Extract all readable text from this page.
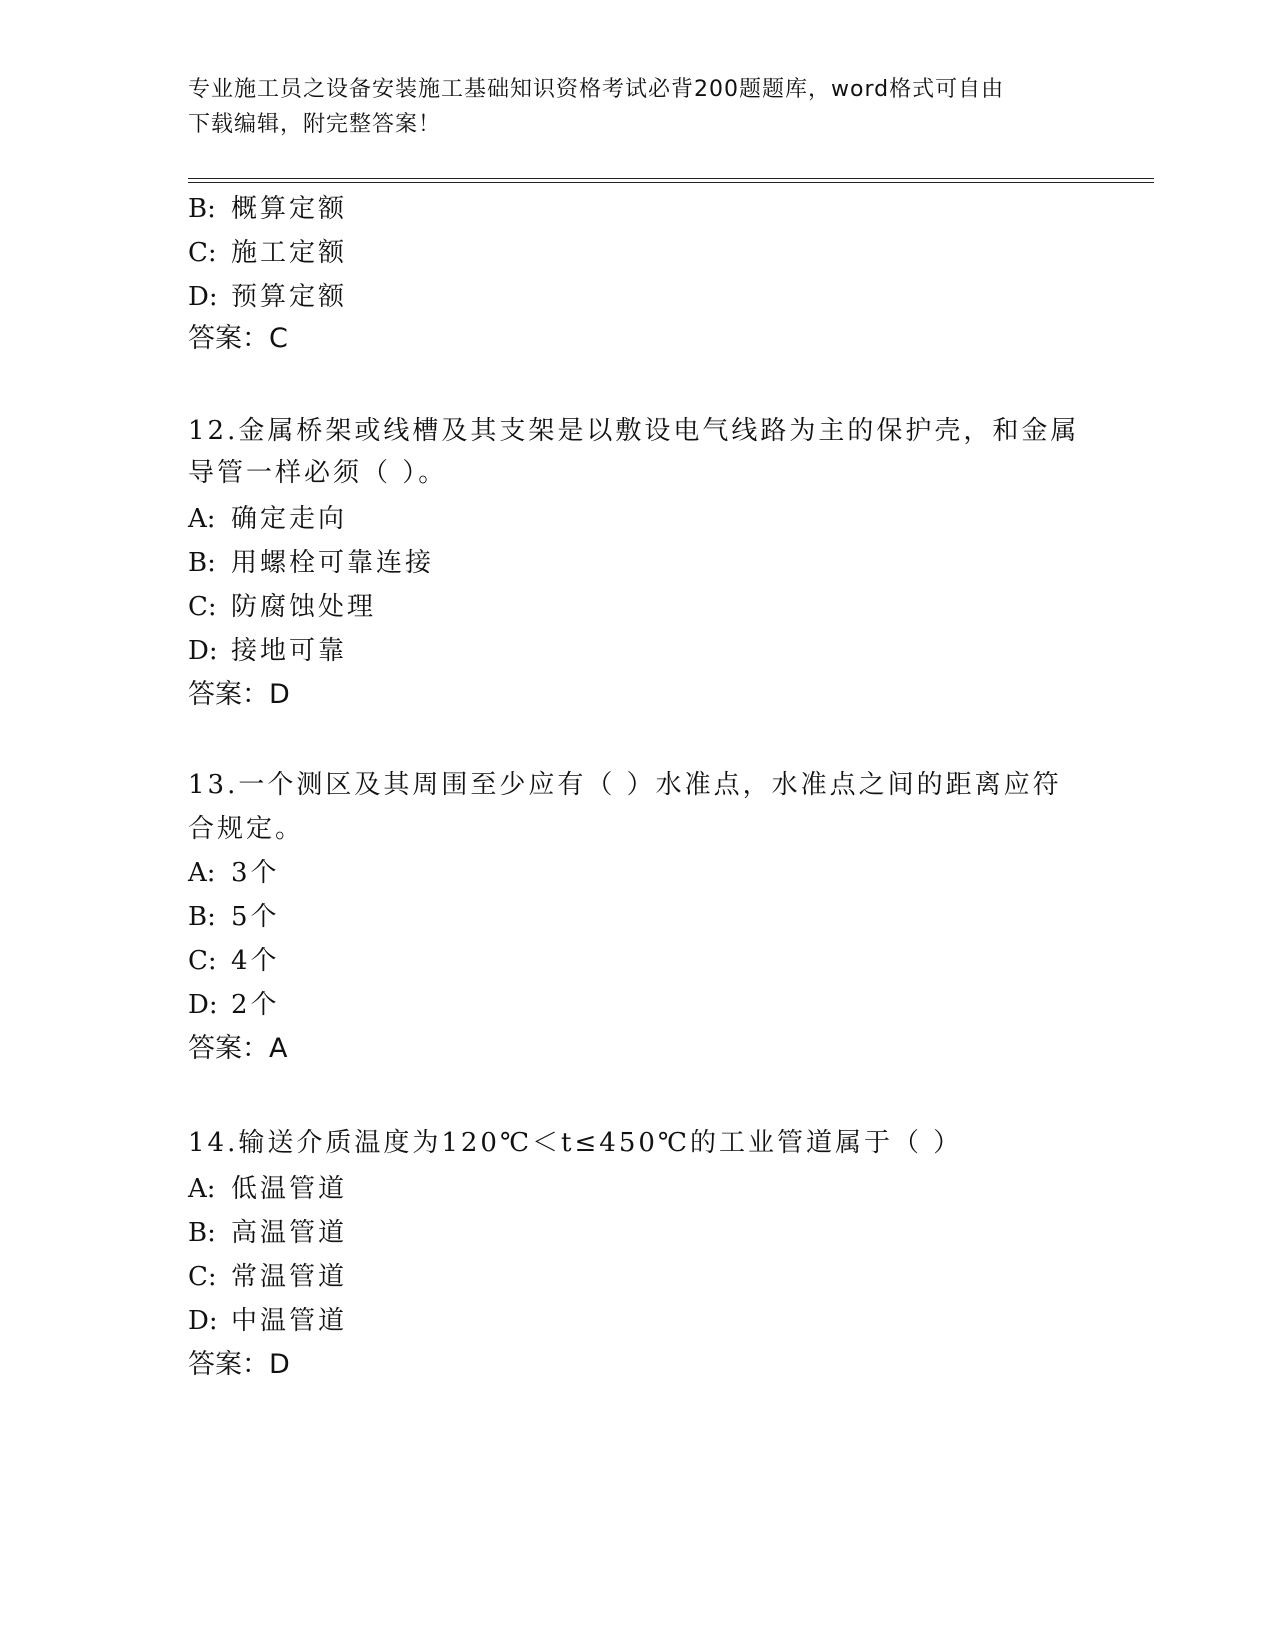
专业施工员之设备安装施工基础知识资格考试必背200题题库，word格式可自由
下载编辑，附完整答案！
B: 概算定额
C: 施工定额
D: 预算定额
答案：C
12.金属桥架或线槽及其支架是以敷设电气线路为主的保护壳，和金属
导管一样必须（ ）。
A: 确定走向
B: 用螺栓可靠连接
C: 防腐蚀处理
D: 接地可靠
答案：D
13.一个测区及其周围至少应有（ ）水准点，水准点之间的距离应符
合规定。
A: 3个
B: 5个
C: 4个
D: 2个
答案：A
14.输送介质温度为120℃＜t≤450℃的工业管道属于（ ）
A: 低温管道
B: 高温管道
C: 常温管道
D: 中温管道
答案：D
